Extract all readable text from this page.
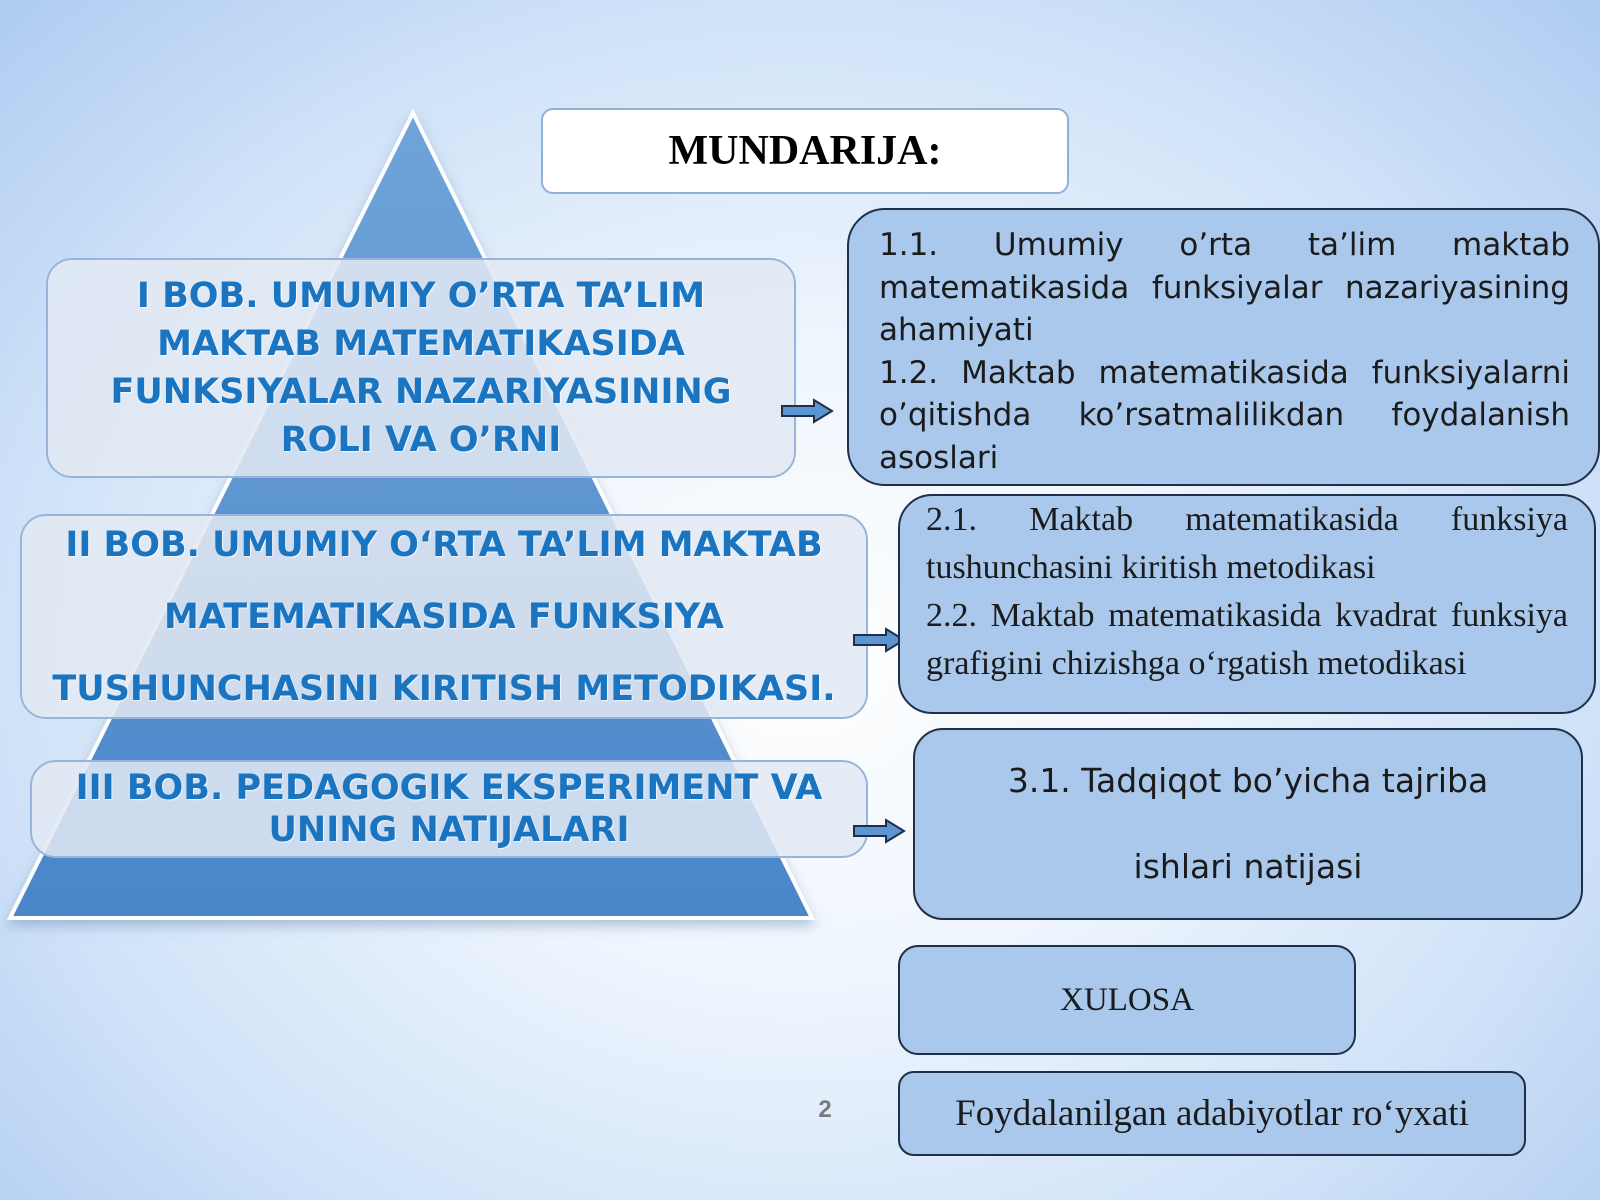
MUNDARIJA:
I BOB. UMUMIY O’RTA TA’LIM MAKTAB MATEMATIKASIDA FUNKSIYALAR NAZARIYASINING ROLI VA O’RNI
II BOB. UMUMIY O‘RTA TA’LIM MAKTAB MATEMATIKASIDA FUNKSIYA TUSHUNCHASINI KIRITISH METODIKASI.
III BOB. PEDAGOGIK EKSPERIMENT VA UNING NATIJALARI

1.1. Umumiy o’rta ta’lim maktab matematikasida funksiyalar nazariyasining ahamiyati

1.2. Maktab matematikasida funksiyalarni o’qitishda ko’rsatmalilikdan foydalanish asoslari

2.1. Maktab matematikasida funksiya tushunchasini kiritish metodikasi

2.2. Maktab matematikasida kvadrat funksiya grafigini chizishga o‘rgatish metodikasi

3.1. Tadqiqot bo’yicha tajriba
ishlari natijasi
XULOSA
Foydalanilgan adabiyotlar ro‘yxati
2
